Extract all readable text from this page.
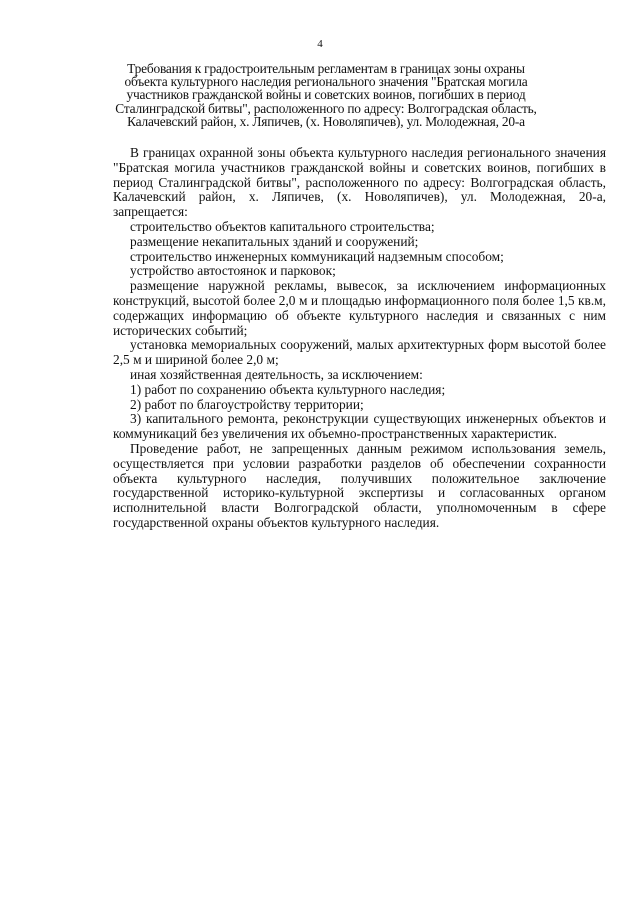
4
Требования к градостроительным регламентам в границах зоны охраны
объекта культурного наследия регионального значения "Братская могила
участников гражданской войны и советских воинов, погибших в период
Сталинградской битвы", расположенного по адресу: Волгоградская область,
Калачевский район, х. Ляпичев, (х. Новоляпичев), ул. Молодежная, 20-а

В границах охранной зоны объекта культурного наследия регионального значения "Братская могила участников гражданской войны и советских воинов, погибших в период Сталинградской битвы", расположенного по адресу: Волгоградская область, Калачевский район, х. Ляпичев, (х. Новоляпичев), ул. Молодежная, 20-а, запрещается:

строительство объектов капитального строительства;

размещение некапитальных зданий и сооружений;

строительство инженерных коммуникаций надземным способом;

устройство автостоянок и парковок;

размещение наружной рекламы, вывесок, за исключением информационных конструкций, высотой более 2,0 м и площадью информационного поля более 1,5 кв.м, содержащих информацию об объекте культурного наследия и связанных с ним исторических событий;

установка мемориальных сооружений, малых архитектурных форм высотой более 2,5 м и шириной более 2,0 м;

иная хозяйственная деятельность, за исключением:

1) работ по сохранению объекта культурного наследия;

2) работ по благоустройству территории;

3) капитального ремонта, реконструкции существующих инженерных объектов и коммуникаций без увеличения их объемно-пространственных характеристик.

Проведение работ, не запрещенных данным режимом использования земель, осуществляется при условии разработки разделов об обеспечении сохранности объекта культурного наследия, получивших положительное заключение государственной историко-культурной экспертизы и согласованных органом исполнительной власти Волгоградской области, уполномоченным в сфере государственной охраны объектов культурного наследия.
